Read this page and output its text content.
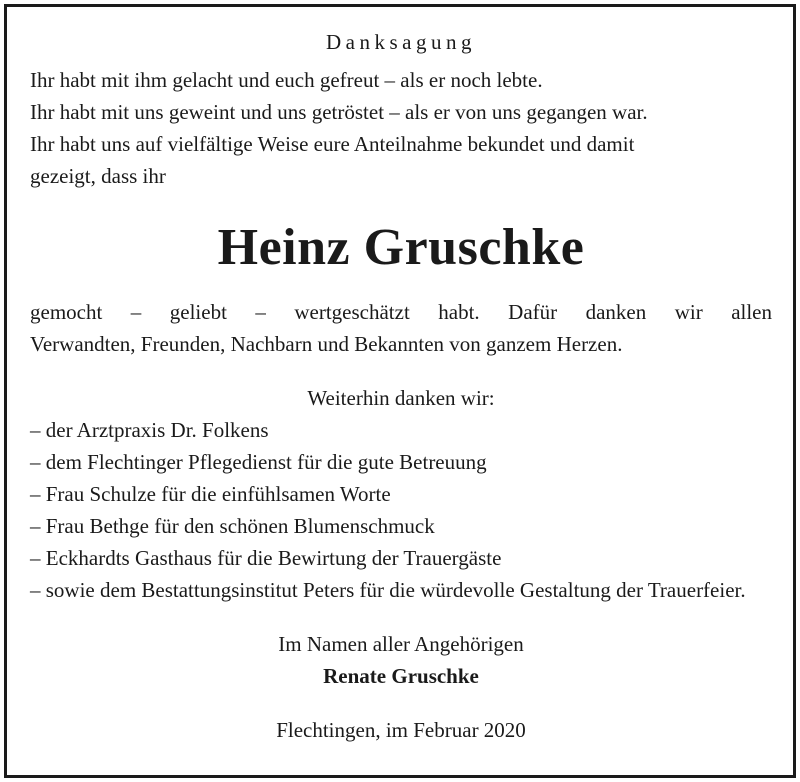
Danksagung

Ihr habt mit ihm gelacht und euch gefreut – als er noch lebte.

Ihr habt mit uns geweint und uns getröstet – als er von uns gegangen war.

Ihr habt uns auf vielfältige Weise eure Anteilnahme bekundet und damit

gezeigt, dass ihr

Heinz Gruschke
gemocht – geliebt – wertgeschätzt habt. Dafür danken wir allen
Verwandten, Freunden, Nachbarn und Bekannten von ganzem Herzen.
Weiterhin danken wir:
– der Arztpraxis Dr. Folkens
– dem Flechtinger Pflegedienst für die gute Betreuung
– Frau Schulze für die einfühlsamen Worte
– Frau Bethge für den schönen Blumenschmuck
– Eckhardts Gasthaus für die Bewirtung der Trauergäste
– sowie dem Bestattungsinstitut Peters für die würdevolle Gestaltung der Trauerfeier.
Im Namen aller Angehörigen
Renate Gruschke
Flechtingen, im Februar 2020
